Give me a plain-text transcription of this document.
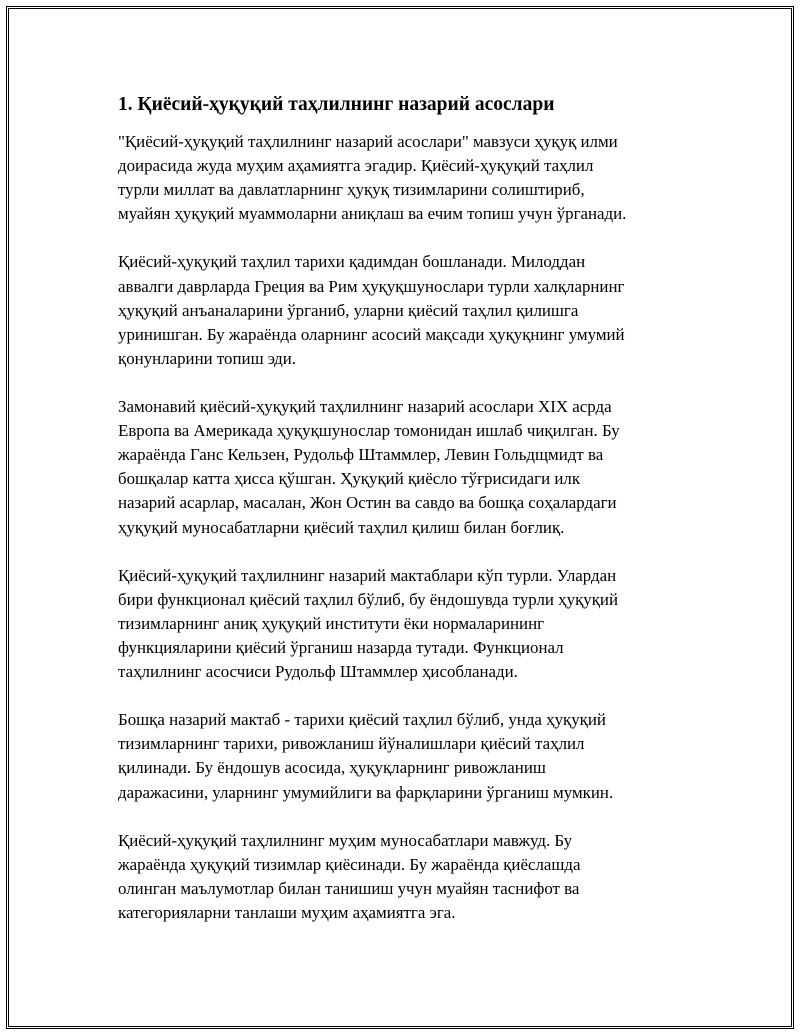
1. Қиёсий-ҳуқуқий таҳлилнинг назарий асослари

"Қиёсий-ҳуқуқий таҳлилнинг назарий асослари" мавзуси ҳуқуқ илми
доирасида жуда муҳим аҳамиятга эгадир. Қиёсий-ҳуқуқий таҳлил
турли миллат ва давлатларнинг ҳуқуқ тизимларини солиштириб,
муайян ҳуқуқий муаммоларни аниқлаш ва ечим топиш учун ўрганади.

Қиёсий-ҳуқуқий таҳлил тарихи қадимдан бошланади. Милоддан
аввалги даврларда Греция ва Рим ҳуқуқшунослари турли халқларнинг
ҳуқуқий анъаналарини ўрганиб, уларни қиёсий таҳлил қилишга
уринишган. Бу жараёнда оларнинг асосий мақсади ҳуқуқнинг умумий
қонунларини топиш эди.

Замонавий қиёсий-ҳуқуқий таҳлилнинг назарий асослари XIX асрда
Европа ва Америкада ҳуқуқшунослар томонидан ишлаб чиқилган. Бу
жараёнда Ганс Кельзен, Рудольф Штаммлер, Левин Гольдщмидт ва
бошқалар катта ҳисса қўшган. Ҳуқуқий қиёсло тўғрисидаги илк
назарий асарлар, масалан, Жон Остин ва савдо ва бошқа соҳалардаги
ҳуқуқий муносабатларни қиёсий таҳлил қилиш билан боғлиқ.

Қиёсий-ҳуқуқий таҳлилнинг назарий мактаблари кўп турли. Улардан
бири функционал қиёсий таҳлил бўлиб, бу ёндошувда турли ҳуқуқий
тизимларнинг аниқ ҳуқуқий институти ёки нормаларининг
функцияларини қиёсий ўрганиш назарда тутади. Функционал
таҳлилнинг асосчиси Рудольф Штаммлер ҳисобланади.

Бошқа назарий мактаб - тарихи қиёсий таҳлил бўлиб, унда ҳуқуқий
тизимларнинг тарихи, ривожланиш йўналишлари қиёсий таҳлил
қилинади. Бу ёндошув асосида, ҳуқуқларнинг ривожланиш
даражасини, уларнинг умумийлиги ва фарқларини ўрганиш мумкин.

Қиёсий-ҳуқуқий таҳлилнинг муҳим муносабатлари мавжуд. Бу
жараёнда ҳуқуқий тизимлар қиёсинади. Бу жараёнда қиёслашда
олинган маълумотлар билан танишиш учун муайян таснифот ва
категорияларни танлаши муҳим аҳамиятга эга.
